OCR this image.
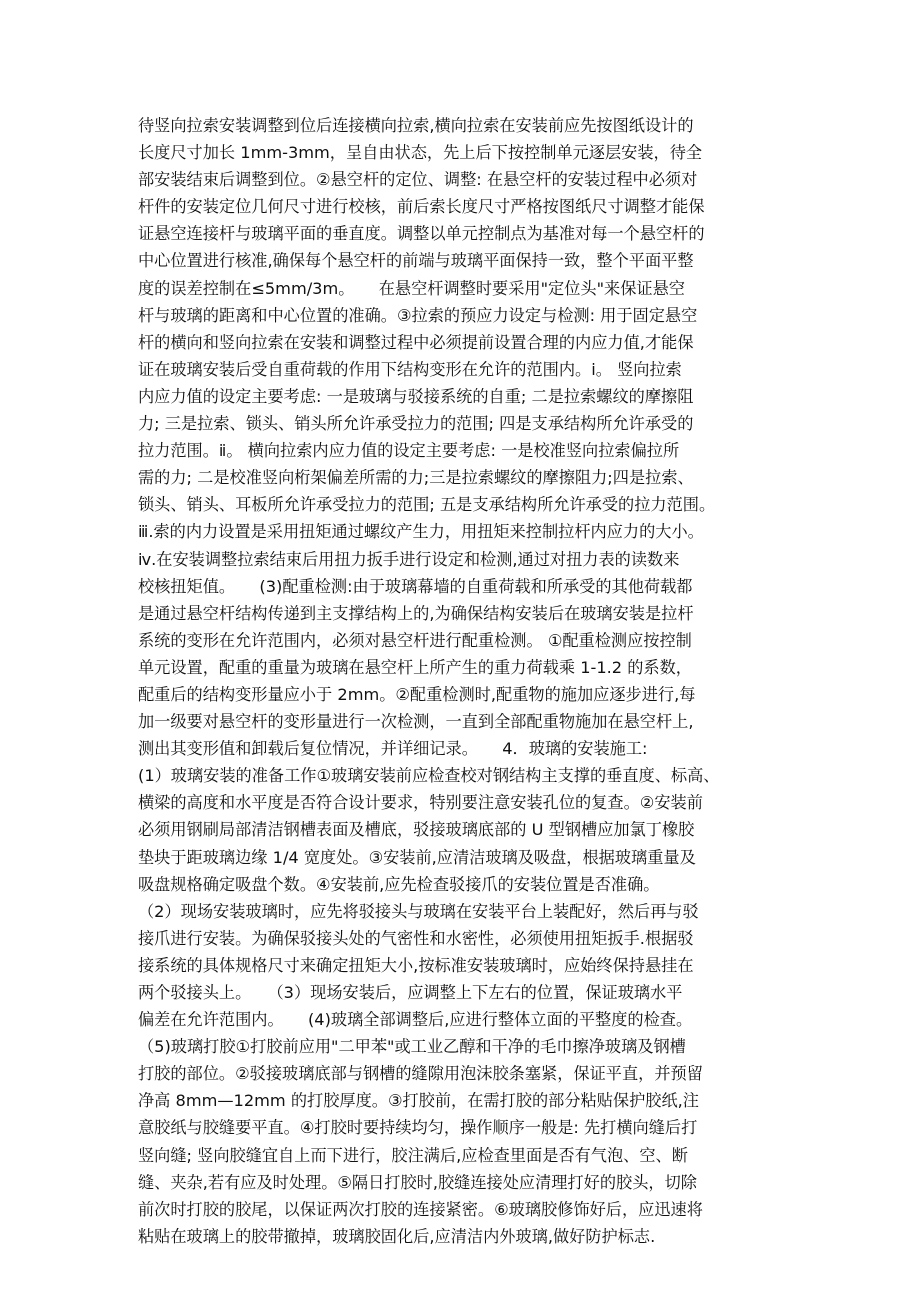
待竖向拉索安装调整到位后连接横向拉索,横向拉索在安装前应先按图纸设计的
长度尺寸加长 1mm-3mm，呈自由状态，先上后下按控制单元逐层安装，待全
部安装结束后调整到位。②悬空杆的定位、调整: 在悬空杆的安装过程中必须对
杆件的安装定位几何尺寸进行校核，前后索长度尺寸严格按图纸尺寸调整才能保
证悬空连接杆与玻璃平面的垂直度。调整以单元控制点为基准对每一个悬空杆的
中心位置进行核准,确保每个悬空杆的前端与玻璃平面保持一致，整个平面平整
度的误差控制在≤5mm/3m。　　在悬空杆调整时要采用"定位头"来保证悬空
杆与玻璃的距离和中心位置的准确。③拉索的预应力设定与检测: 用于固定悬空
杆的横向和竖向拉索在安装和调整过程中必须提前设置合理的内应力值,才能保
证在玻璃安装后受自重荷载的作用下结构变形在允许的范围内。ⅰ。 竖向拉索
内应力值的设定主要考虑: 一是玻璃与驳接系统的自重; 二是拉索螺纹的摩擦阻
力; 三是拉索、锁头、销头所允许承受拉力的范围; 四是支承结构所允许承受的
拉力范围。ⅱ。 横向拉索内应力值的设定主要考虑: 一是校准竖向拉索偏拉所
需的力; 二是校准竖向桁架偏差所需的力;三是拉索螺纹的摩擦阻力;四是拉索、
锁头、销头、耳板所允许承受拉力的范围; 五是支承结构所允许承受的拉力范围。
ⅲ.索的内力设置是采用扭矩通过螺纹产生力，用扭矩来控制拉杆内应力的大小。
ⅳ.在安装调整拉索结束后用扭力扳手进行设定和检测,通过对扭力表的读数来
校核扭矩值。　　(3)配重检测:由于玻璃幕墙的自重荷载和所承受的其他荷载都
是通过悬空杆结构传递到主支撑结构上的,为确保结构安装后在玻璃安装是拉杆
系统的变形在允许范围内，必须对悬空杆进行配重检测。 ①配重检测应按控制
单元设置，配重的重量为玻璃在悬空杆上所产生的重力荷载乘 1-1.2 的系数，
配重后的结构变形量应小于 2mm。②配重检测时,配重物的施加应逐步进行,每
加一级要对悬空杆的变形量进行一次检测，一直到全部配重物施加在悬空杆上,
测出其变形值和卸载后复位情况，并详细记录。　　4．玻璃的安装施工:
(1）玻璃安装的准备工作①玻璃安装前应检查校对钢结构主支撑的垂直度、标高、
横梁的高度和水平度是否符合设计要求，特别要注意安装孔位的复查。②安装前
必须用钢刷局部清洁钢槽表面及槽底，驳接玻璃底部的 U 型钢槽应加氯丁橡胶
垫块于距玻璃边缘 1/4 宽度处。③安装前,应清洁玻璃及吸盘，根据玻璃重量及
吸盘规格确定吸盘个数。④安装前,应先检查驳接爪的安装位置是否准确。
（2）现场安装玻璃时，应先将驳接头与玻璃在安装平台上装配好，然后再与驳
接爪进行安装。为确保驳接头处的气密性和水密性，必须使用扭矩扳手.根据驳
接系统的具体规格尺寸来确定扭矩大小,按标准安装玻璃时，应始终保持悬挂在
两个驳接头上。　　（3）现场安装后，应调整上下左右的位置，保证玻璃水平
偏差在允许范围内。　　(4)玻璃全部调整后,应进行整体立面的平整度的检查。
（5)玻璃打胶①打胶前应用"二甲苯"或工业乙醇和干净的毛巾擦净玻璃及钢槽
打胶的部位。②驳接玻璃底部与钢槽的缝隙用泡沫胶条塞紧，保证平直，并预留
净高 8mm—12mm 的打胶厚度。③打胶前，在需打胶的部分粘贴保护胶纸,注
意胶纸与胶缝要平直。④打胶时要持续均匀，操作顺序一般是: 先打横向缝后打
竖向缝; 竖向胶缝宜自上而下进行，胶注满后,应检查里面是否有气泡、空、断
缝、夹杂,若有应及时处理。⑤隔日打胶时,胶缝连接处应清理打好的胶头，切除
前次时打胶的胶尾，以保证两次打胶的连接紧密。⑥玻璃胶修饰好后，应迅速将
粘贴在玻璃上的胶带撤掉，玻璃胶固化后,应清洁内外玻璃,做好防护标志.
